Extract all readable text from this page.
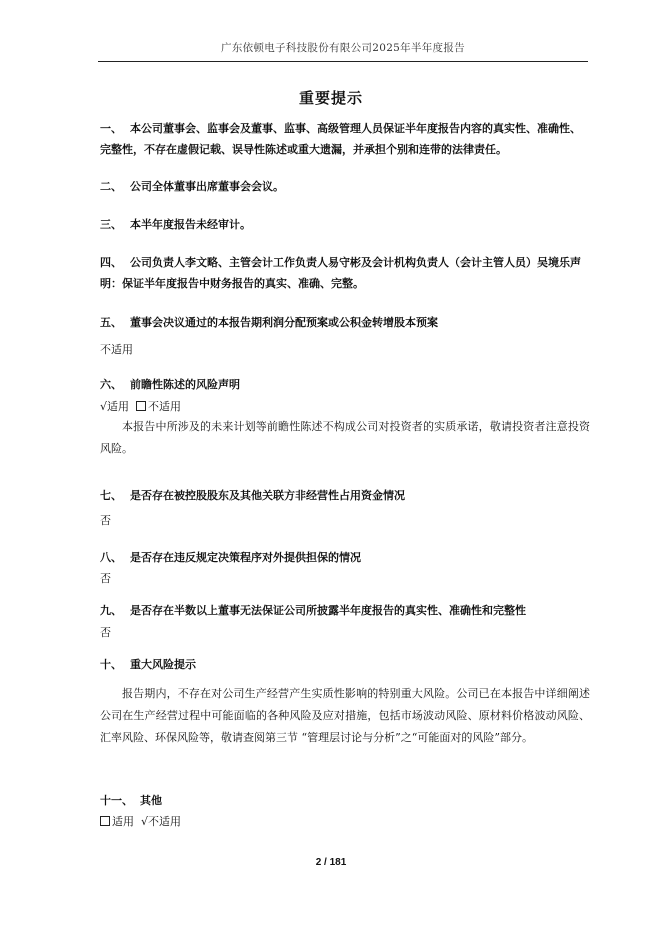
广东依顿电子科技股份有限公司2025年半年度报告
重要提示
一、 本公司董事会、监事会及董事、监事、高级管理人员保证半年度报告内容的真实性、准确性、完整性，不存在虚假记载、误导性陈述或重大遗漏，并承担个别和连带的法律责任。
二、 公司全体董事出席董事会会议。
三、 本半年度报告未经审计。
四、 公司负责人李文略、主管会计工作负责人易守彬及会计机构负责人（会计主管人员）吴境乐声明：保证半年度报告中财务报告的真实、准确、完整。
五、 董事会决议通过的本报告期利润分配预案或公积金转增股本预案
不适用
六、 前瞻性陈述的风险声明
√适用 不适用
本报告中所涉及的未来计划等前瞻性陈述不构成公司对投资者的实质承诺，敬请投资者注意投资风险。
七、 是否存在被控股股东及其他关联方非经营性占用资金情况
否
八、 是否存在违反规定决策程序对外提供担保的情况
否
九、 是否存在半数以上董事无法保证公司所披露半年度报告的真实性、准确性和完整性
否
十、 重大风险提示
报告期内，不存在对公司生产经营产生实质性影响的特别重大风险。公司已在本报告中详细阐述公司在生产经营过程中可能面临的各种风险及应对措施，包括市场波动风险、原材料价格波动风险、汇率风险、环保风险等，敬请查阅第三节 “管理层讨论与分析”之“可能面对的风险”部分。
十一、 其他
适用 √不适用
2 / 181
